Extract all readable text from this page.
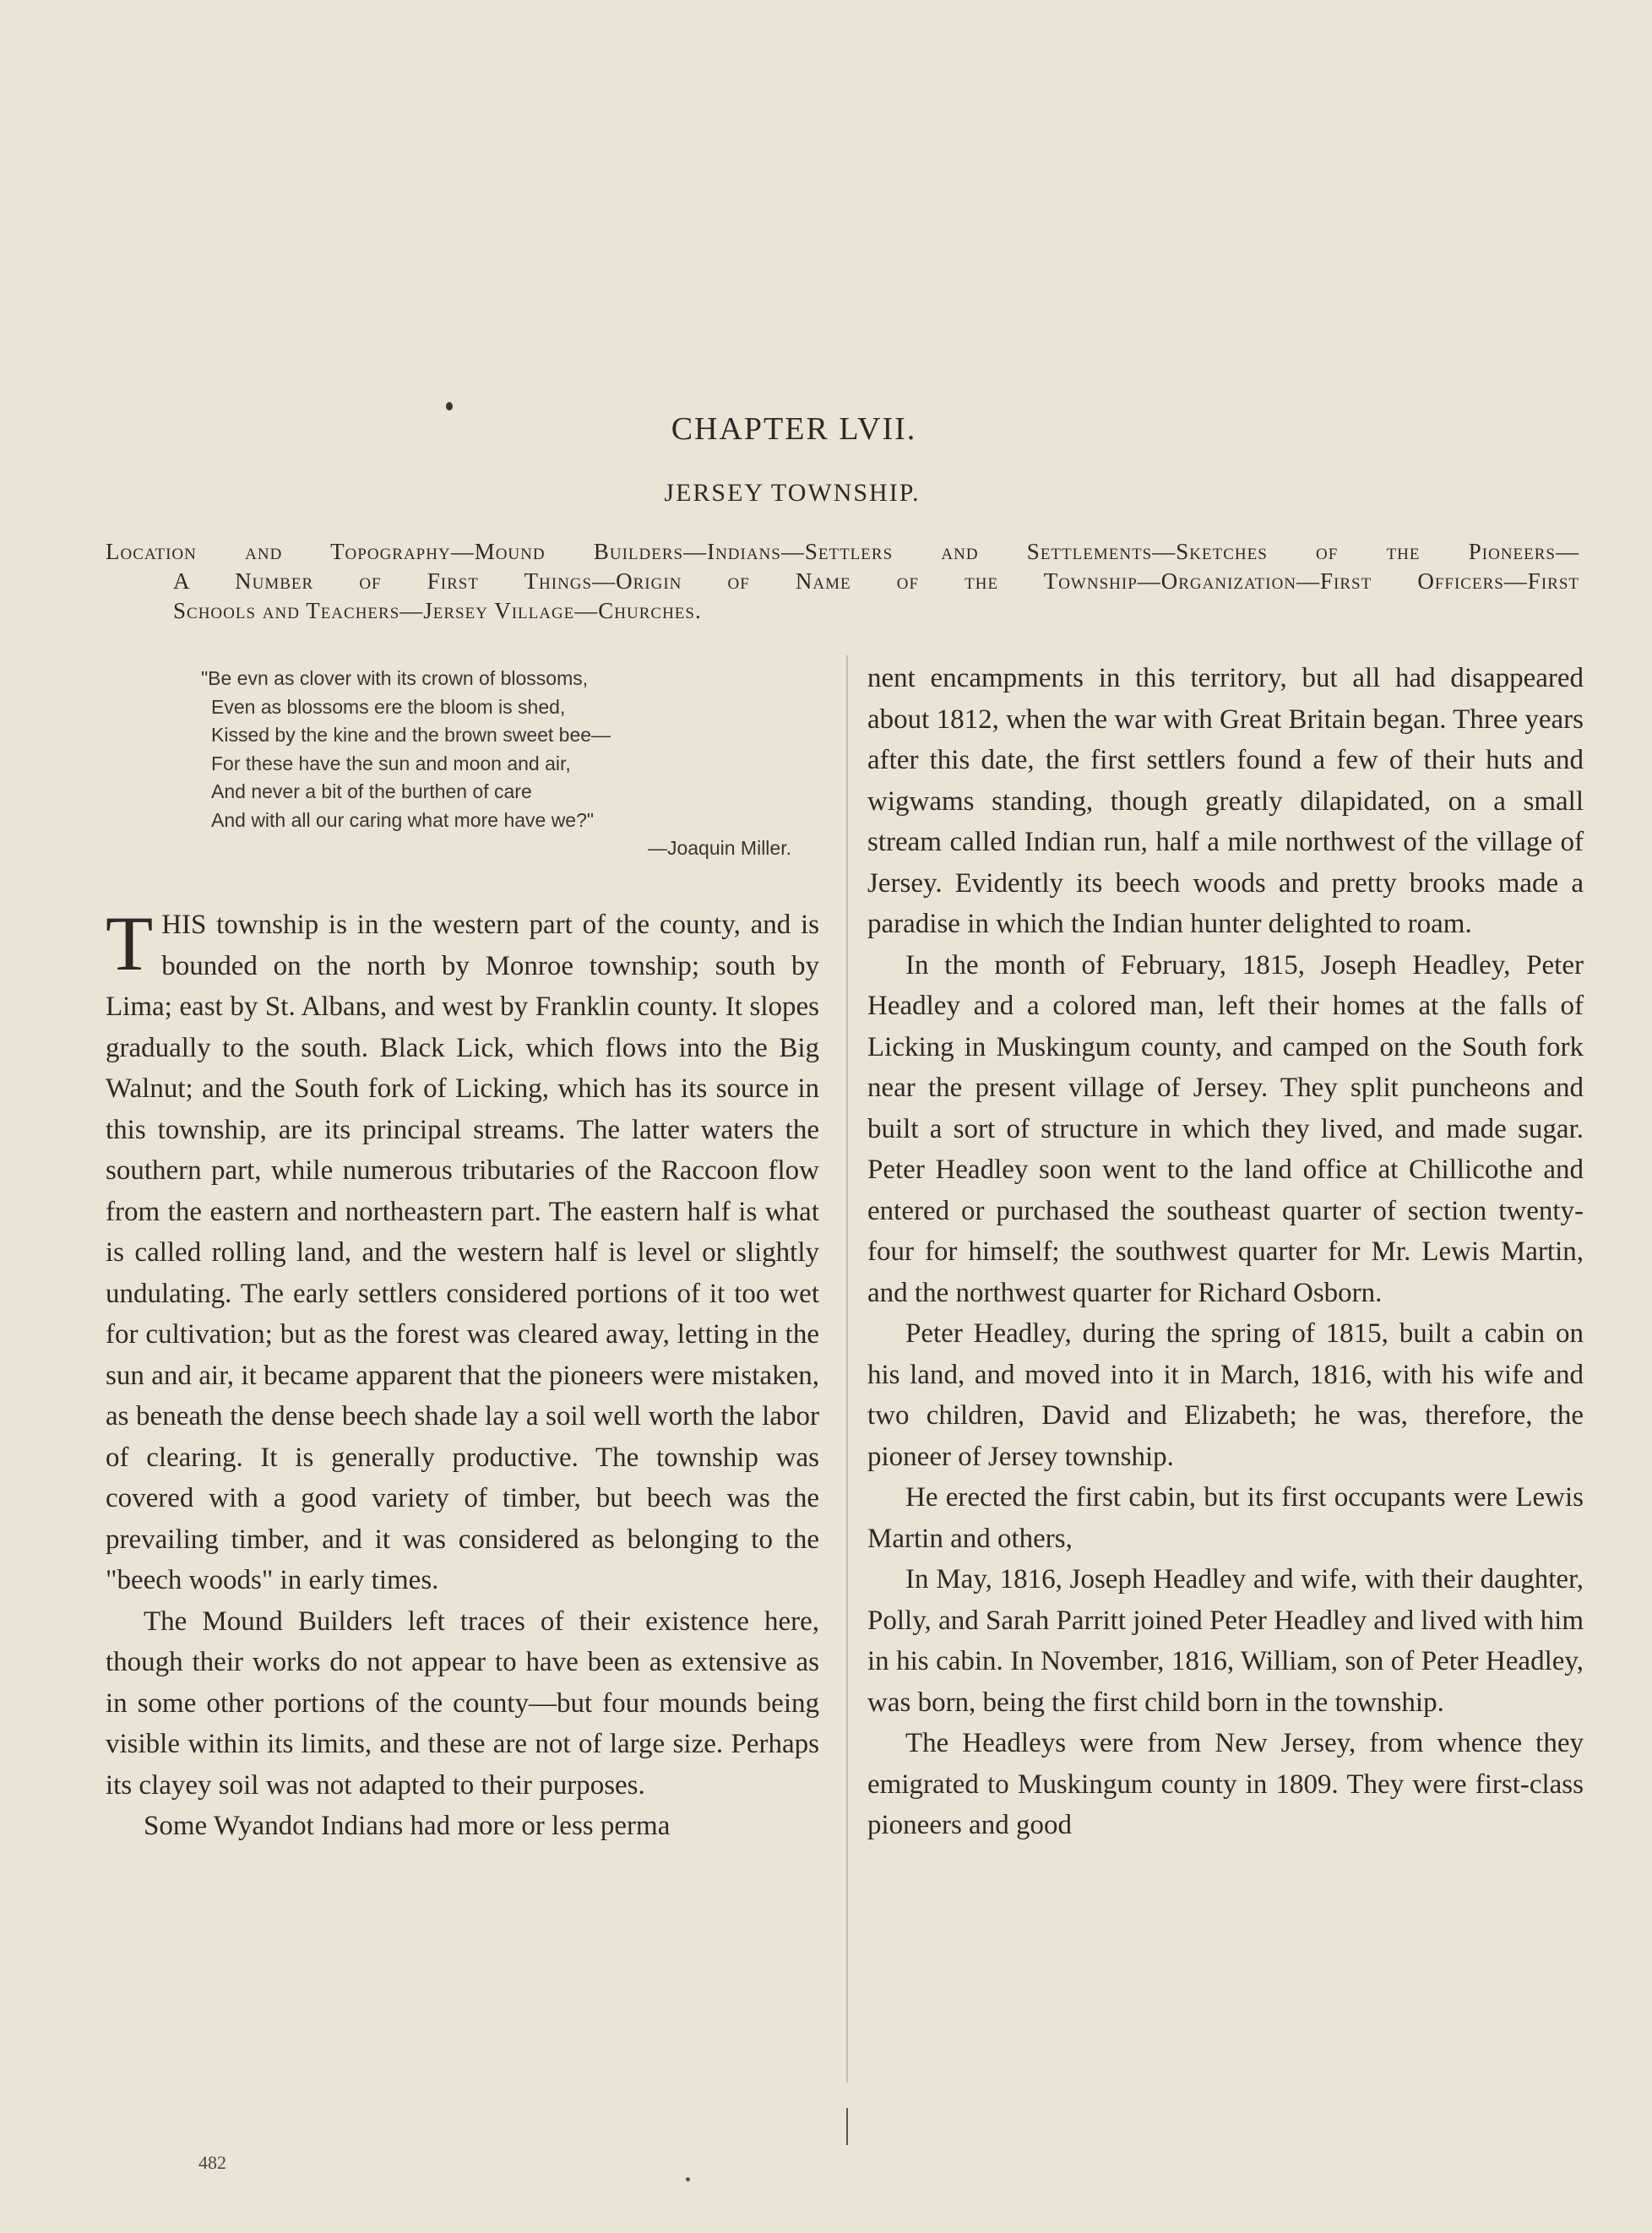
CHAPTER LVII.
JERSEY TOWNSHIP.
Location and Topography—Mound Builders—Indians—Settlers and Settlements—Sketches of the Pioneers—
A Number of First Things—Origin of Name of the Township—Organization—First Officers—First
Schools and Teachers—Jersey Village—Churches.
"Be evn as clover with its crown of blossoms,
Even as blossoms ere the bloom is shed,
Kissed by the kine and the brown sweet bee—
For these have the sun and moon and air,
And never a bit of the burthen of care
And with all our caring what more have we?"
—Joaquin Miller.

THIS township is in the western part of the county, and is bounded on the north by Monroe township; south by Lima; east by St. Albans, and west by Franklin county. It slopes gradually to the south. Black Lick, which flows into the Big Walnut; and the South fork of Licking, which has its source in this township, are its principal streams. The latter waters the southern part, while numerous tributaries of the Raccoon flow from the eastern and northeastern part. The eastern half is what is called rolling land, and the western half is level or slightly undulating. The early settlers considered portions of it too wet for cultivation; but as the forest was cleared away, letting in the sun and air, it became apparent that the pioneers were mistaken, as beneath the dense beech shade lay a soil well worth the labor of clearing. It is generally productive. The township was covered with a good variety of timber, but beech was the prevailing timber, and it was considered as belonging to the "beech woods" in early times.

The Mound Builders left traces of their existence here, though their works do not appear to have been as extensive as in some other portions of the county—but four mounds being visible within its limits, and these are not of large size. Perhaps its clayey soil was not adapted to their purposes.

Some Wyandot Indians had more or less perma

nent encampments in this territory, but all had disappeared about 1812, when the war with Great Britain began. Three years after this date, the first settlers found a few of their huts and wigwams standing, though greatly dilapidated, on a small stream called Indian run, half a mile northwest of the village of Jersey. Evidently its beech woods and pretty brooks made a paradise in which the Indian hunter delighted to roam.

In the month of February, 1815, Joseph Headley, Peter Headley and a colored man, left their homes at the falls of Licking in Muskingum county, and camped on the South fork near the present village of Jersey. They split puncheons and built a sort of structure in which they lived, and made sugar. Peter Headley soon went to the land office at Chillicothe and entered or purchased the southeast quarter of section twenty-four for himself; the southwest quarter for Mr. Lewis Martin, and the northwest quarter for Richard Osborn.

Peter Headley, during the spring of 1815, built a cabin on his land, and moved into it in March, 1816, with his wife and two children, David and Elizabeth; he was, therefore, the pioneer of Jersey township.

He erected the first cabin, but its first occupants were Lewis Martin and others,

In May, 1816, Joseph Headley and wife, with their daughter, Polly, and Sarah Parritt joined Peter Headley and lived with him in his cabin. In November, 1816, William, son of Peter Headley, was born, being the first child born in the township.

The Headleys were from New Jersey, from whence they emigrated to Muskingum county in 1809. They were first-class pioneers and good

482
